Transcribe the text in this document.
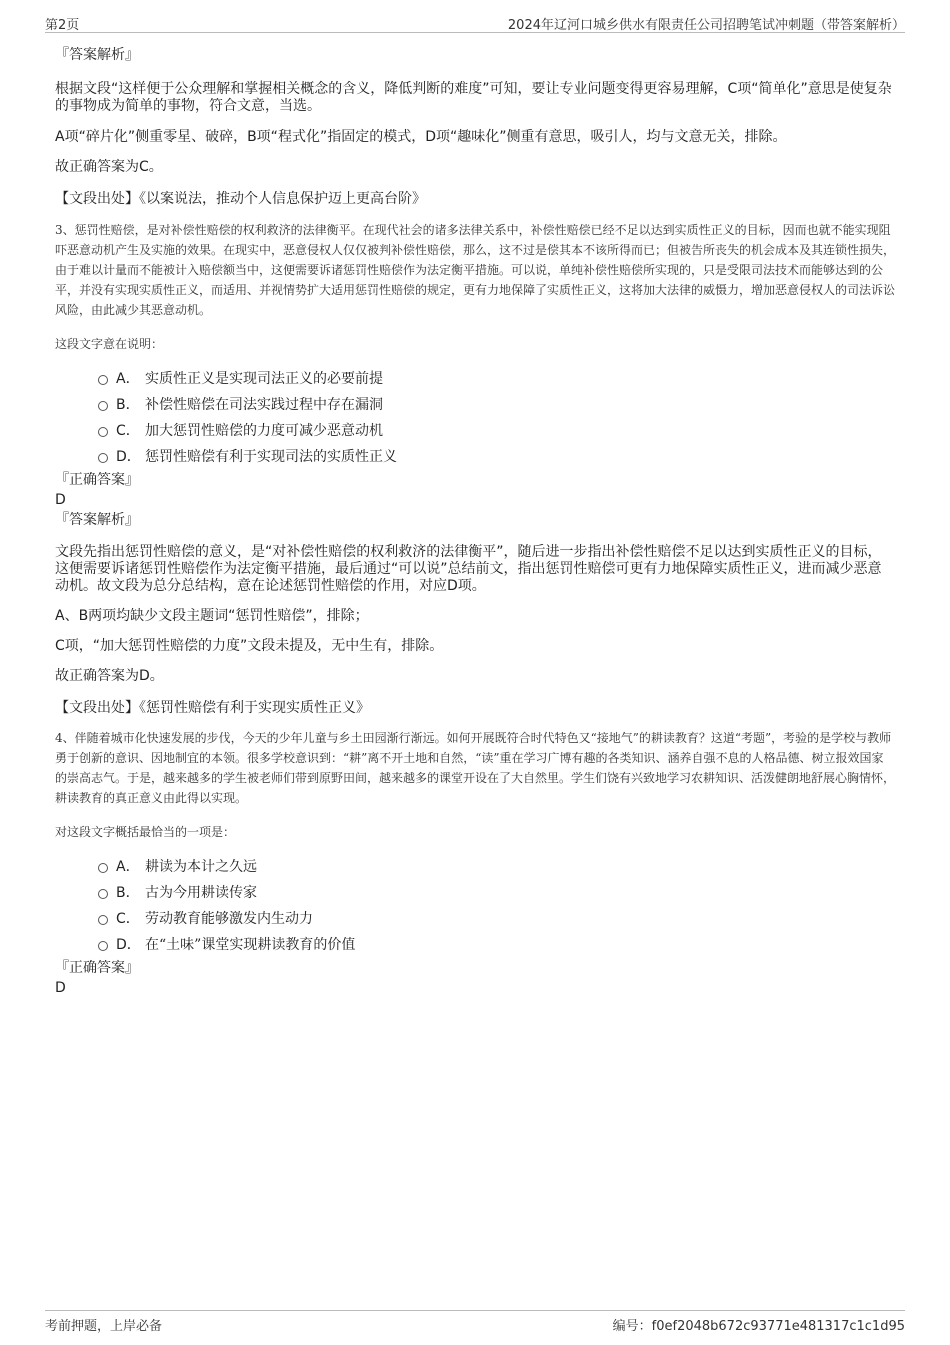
第2页	2024年辽河口城乡供水有限责任公司招聘笔试冲刺题（带答案解析）

『答案解析』

根据文段“这样便于公众理解和掌握相关概念的含义，降低判断的难度”可知，要让专业问题变得更容易理解，C项“简单化”意思是使复杂的事物成为简单的事物，符合文意，当选。

A项“碎片化”侧重零星、破碎，B项“程式化”指固定的模式，D项“趣味化”侧重有意思，吸引人，均与文意无关，排除。

故正确答案为C。

【文段出处】《以案说法，推动个人信息保护迈上更高台阶》

3、惩罚性赔偿，是对补偿性赔偿的权利救济的法律衡平。在现代社会的诸多法律关系中，补偿性赔偿已经不足以达到实质性正义的目标，因而也就不能实现阻吓恶意动机产生及实施的效果。在现实中，恶意侵权人仅仅被判补偿性赔偿，那么，这不过是偿其本不该所得而已；但被告所丧失的机会成本及其连锁性损失，由于难以计量而不能被计入赔偿额当中，这便需要诉诸惩罚性赔偿作为法定衡平措施。可以说，单纯补偿性赔偿所实现的，只是受限司法技术而能够达到的公平，并没有实现实质性正义，而适用、并视情势扩大适用惩罚性赔偿的规定，更有力地保障了实质性正义，这将加大法律的威慑力，增加恶意侵权人的司法诉讼风险，由此减少其恶意动机。

这段文字意在说明：

A． 实质性正义是实现司法正义的必要前提
B． 补偿性赔偿在司法实践过程中存在漏洞
C． 加大惩罚性赔偿的力度可减少恶意动机
D． 惩罚性赔偿有利于实现司法的实质性正义

『正确答案』

D

『答案解析』

文段先指出惩罚性赔偿的意义，是“对补偿性赔偿的权利救济的法律衡平”，随后进一步指出补偿性赔偿不足以达到实质性正义的目标，这便需要诉诸惩罚性赔偿作为法定衡平措施，最后通过“可以说”总结前文，指出惩罚性赔偿可更有力地保障实质性正义，进而减少恶意动机。故文段为总分总结构，意在论述惩罚性赔偿的作用，对应D项。

A、B两项均缺少文段主题词“惩罚性赔偿”，排除；

C项，“加大惩罚性赔偿的力度”文段未提及，无中生有，排除。

故正确答案为D。

【文段出处】《惩罚性赔偿有利于实现实质性正义》

4、伴随着城市化快速发展的步伐，今天的少年儿童与乡土田园渐行渐远。如何开展既符合时代特色又“接地气”的耕读教育？这道“考题”，考验的是学校与教师勇于创新的意识、因地制宜的本领。很多学校意识到：“耕”离不开土地和自然，“读”重在学习广博有趣的各类知识、涵养自强不息的人格品德、树立报效国家的崇高志气。于是，越来越多的学生被老师们带到原野田间，越来越多的课堂开设在了大自然里。学生们饶有兴致地学习农耕知识、活泼健朗地舒展心胸情怀，耕读教育的真正意义由此得以实现。

对这段文字概括最恰当的一项是：

A． 耕读为本计之久远
B． 古为今用耕读传家
C． 劳动教育能够激发内生动力
D． 在“土味”课堂实现耕读教育的价值

『正确答案』

D

考前押题，上岸必备	编号：f0ef2048b672c93771e481317c1c1d95
